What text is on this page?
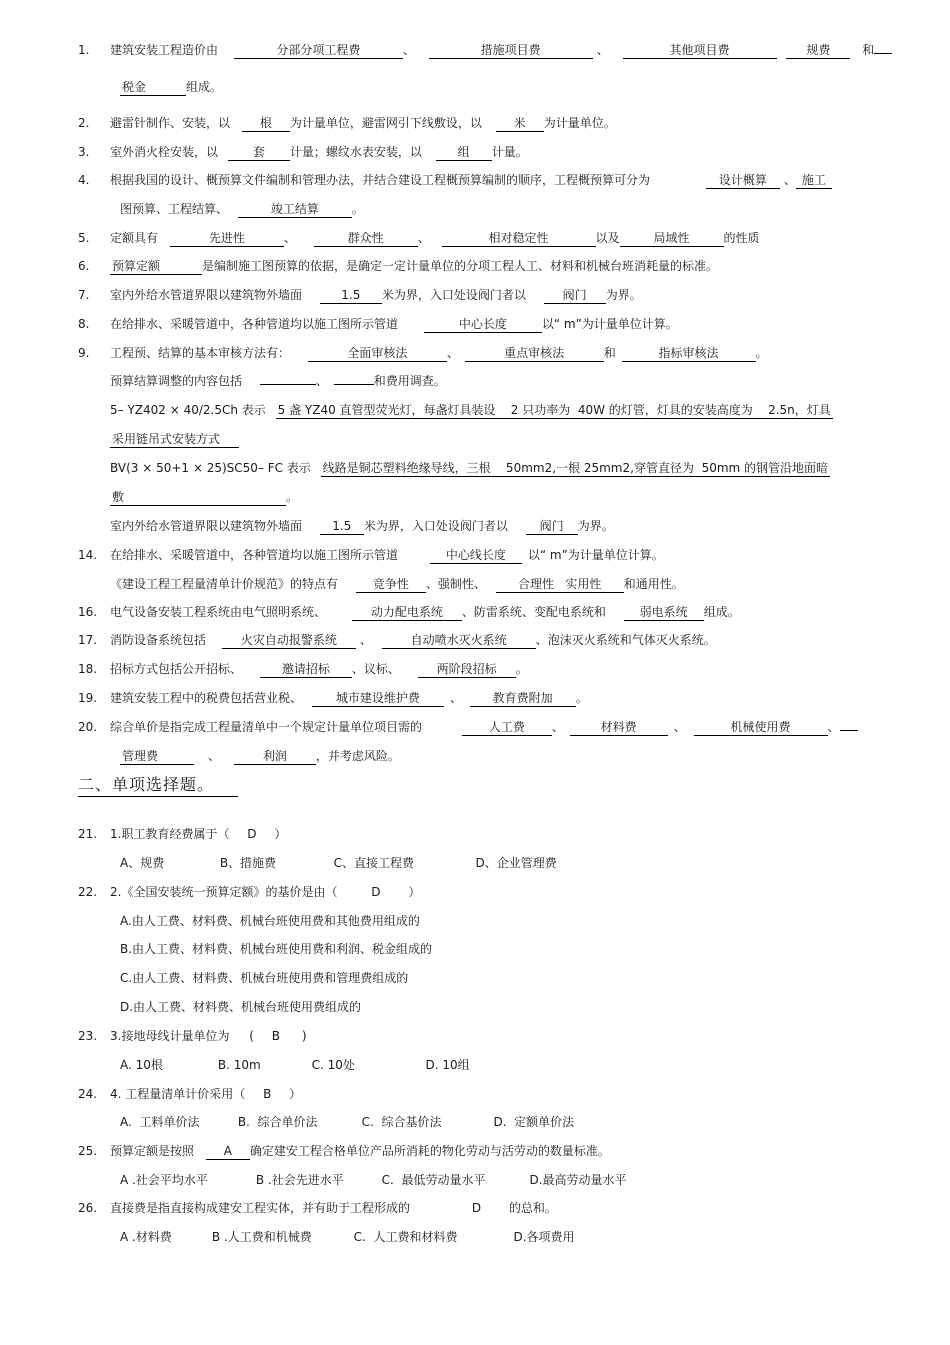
1.	建筑安装工程造价由	分部分项工程费	、	措施项目费	、	其他项目费	规费	和
税金	组成。
2.	避雷针制作、安装，以 根 为计量单位，避雷网引下线敷设，以	米 为计量单位。
3.	室外消火栓安装，以	套 计量；螺纹水表安装，以	组 计量。
4.	根据我国的设计、概预算文件编制和管理办法，并结合建设工程概预算编制的顺序，工程概预算可分为	设计概算 、 施工
图预算、工程结算、	竣工结算	。
5.	定额具有	先进性	、	群众性	、	相对稳定性	以及	局域性	的性质
6.	预算定额	是编制施工图预算的依据，是确定一定计量单位的分项工程人工、材料和机械台班消耗量的标准。
7.	室内外给水管道界限以建筑物外墙面	1.5 米为界，入口处设阀门者以	阀门 为界。
8.	在给排水、采暖管道中，各种管道均以施工图所示管道	中心长度	以“ m”为计量单位计算。
9.	工程预、结算的基本审核方法有：	全面审核法	、	重点审核法	和	指标审核法	。
预算结算调整的内容包括	、	和费用调查。
5– YZ402 × 40/2.5Ch 表示 5 盏 YZ40 直管型荧光灯，每盏灯具装设    2 只功率为  40W 的灯管，灯具的安装高度为    2.5n，灯具
采用链吊式安装方式
BV(3 × 50+1 × 25)SC50– FC 表示 线路是铜芯塑料绝缘导线，三根    50mm2,一根 25mm2,穿管直径为  50mm 的钢管沿地面暗
敷	。
室内外给水管道界限以建筑物外墙面	1.5 米为界，入口处设阀门者以	阀门 为界。
14.	在给排水、采暖管道中，各种管道均以施工图所示管道	中心线长度 以“ m”为计量单位计算。
《建设工程工程量清单计价规范》的特点有	竞争性 、强制性、	合理性   实用性 和通用性。
16.	电气设备安装工程系统由电气照明系统、	动力配电系统 、防雷系统、变配电系统和	弱电系统 组成。
17.	消防设备系统包括	火灾自动报警系统 、	自动喷水灭火系统 、泡沫灭火系统和气体灭火系统。
18.	招标方式包括公开招标、	邀请招标 、议标、	两阶段招标 。
19.	建筑安装工程中的税费包括营业税、	城市建设维护费	、	教育费附加 。
20.	综合单价是指完成工程量清单中一个规定计量单位项目需的	人工费 、	材料费	、	机械使用费	、
管理费	、	利润 ，并考虑风险。
二、单项选择题。
21.	1.职工教育经费属于（ D ）
A、规费	B、措施费	C、直接工程费	D、企业管理费
22.	2.《全国安装统一预算定额》的基价是由（	D ）
A.由人工费、材料费、机械台班使用费和其他费用组成的
B.由人工费、材料费、机械台班使用费和利润、税金组成的
C.由人工费、材料费、机械台班使用费和管理费组成的
D.由人工费、材料费、机械台班使用费组成的
23.	3.接地母线计量单位为 ( B )
A. 10根	B. 10m	C. 10处	D. 10组
24.	4. 工程量清单计价采用（ B ）
A.  工料单价法	B.  综合单价法	C.  综合基价法	D.  定额单价法
25.	预算定额是按照 A 确定建安工程合格单位产品所消耗的物化劳动与活劳动的数量标准。
A .社会平均水平	B .社会先进水平	C.  最低劳动量水平	D.最高劳动量水平
26.	直接费是指直接构成建安工程实体，并有助于工程形成的	D 的总和。
A .材料费	B .人工费和机械费	C.  人工费和材料费	D.各项费用
